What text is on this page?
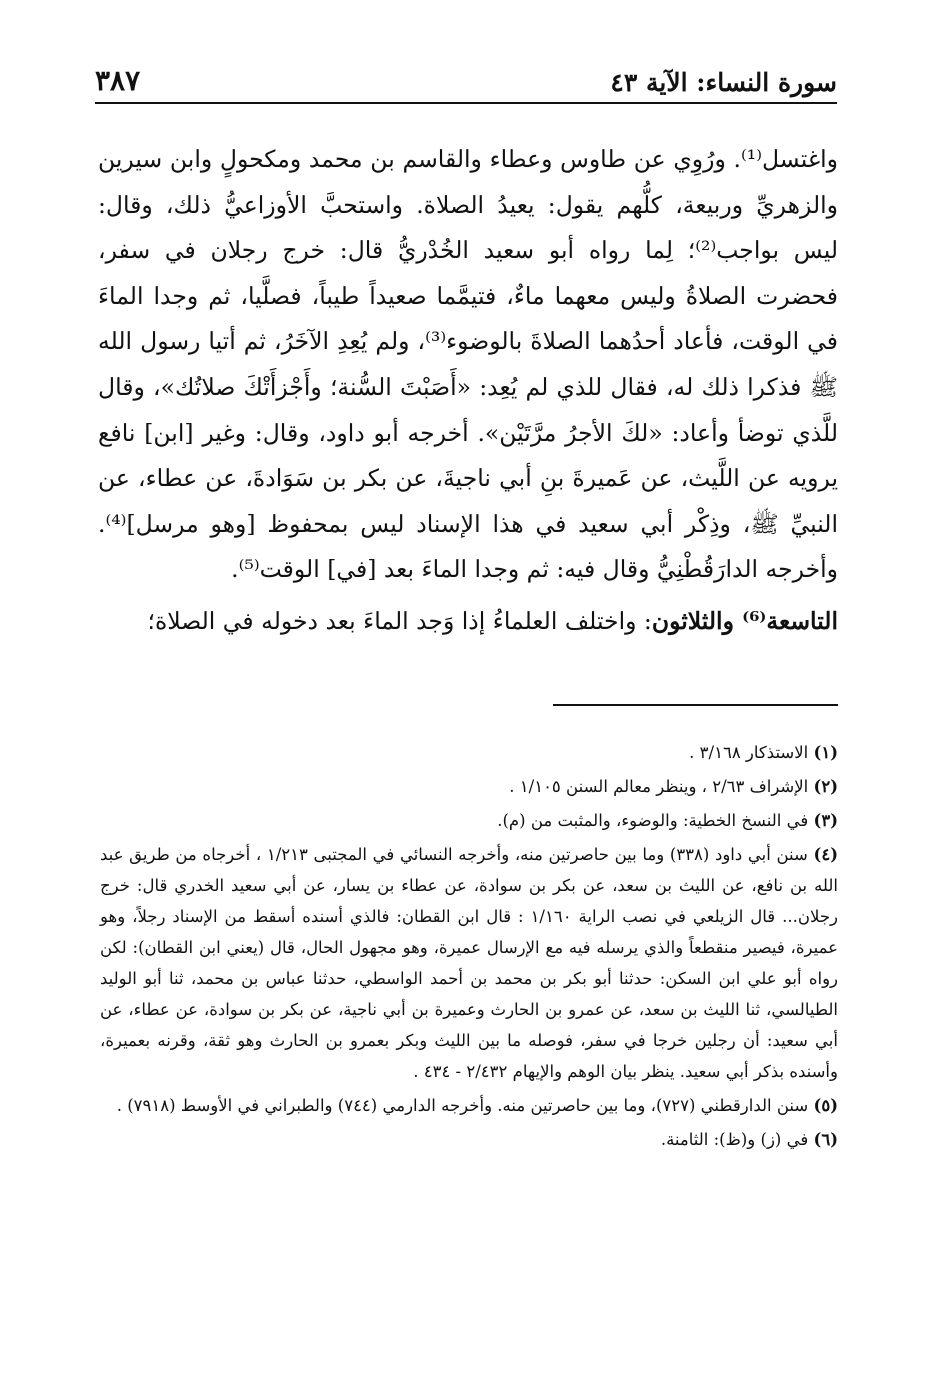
سورة النساء: الآية ٤٣
٣٨٧

واغتسل⁽¹⁾. ورُوِي عن طاوس وعطاء والقاسم بن محمد ومكحولٍ وابن سيرين والزهريِّ وربيعة، كلُّهم يقول: يعيدُ الصلاة. واستحبَّ الأوزاعيُّ ذلك، وقال: ليس بواجب⁽²⁾؛ لِما رواه أبو سعيد الخُدْريُّ قال: خرج رجلان في سفر، فحضرت الصلاةُ وليس معهما ماءٌ، فتيمَّما صعيداً طيباً، فصلَّيا، ثم وجدا الماءَ في الوقت، فأعاد أحدُهما الصلاةَ بالوضوء⁽³⁾، ولم يُعِدِ الآخَرُ، ثم أتيا رسول الله ﷺ فذكرا ذلك له، فقال للذي لم يُعِد: «أَصَبْتَ السُّنة؛ وأَجْزأَتْكَ صلاتُك»، وقال للَّذي توضأ وأعاد: «لكَ الأجرُ مرَّتَيْن». أخرجه أبو داود، وقال: وغير [ابن] نافع يرويه عن اللَّيث، عن عَميرةَ بنِ أبي ناجيةَ، عن بكر بن سَوَادةَ، عن عطاء، عن النبيِّ ﷺ، وذِكْر أبي سعيد في هذا الإسناد ليس بمحفوظ [وهو مرسل]⁽⁴⁾. وأخرجه الدارَقُطْنِيُّ وقال فيه: ثم وجدا الماءَ بعد [في] الوقت⁽⁵⁾.

التاسعة⁽⁶⁾ والثلاثون: واختلف العلماءُ إذا وَجد الماءَ بعد دخوله في الصلاة؛

(١) الاستذكار ٣/١٦٨ .

(٢) الإشراف ٢/٦٣ ، وينظر معالم السنن ١/١٠٥ .

(٣) في النسخ الخطية: والوضوء، والمثبت من (م).

(٤) سنن أبي داود (٣٣٨) وما بين حاصرتين منه، وأخرجه النسائي في المجتبى ١/٢١٣ ، أخرجاه من طريق عبد الله بن نافع، عن الليث بن سعد، عن بكر بن سوادة، عن عطاء بن يسار، عن أبي سعيد الخدري قال: خرج رجلان... قال الزيلعي في نصب الراية ١/١٦٠ : قال ابن القطان: فالذي أسنده أسقط من الإسناد رجلاً، وهو عميرة، فيصير منقطعاً والذي يرسله فيه مع الإرسال عميرة، وهو مجهول الحال، قال (يعني ابن القطان): لكن رواه أبو علي ابن السكن: حدثنا أبو بكر بن محمد بن أحمد الواسطي، حدثنا عباس بن محمد، ثنا أبو الوليد الطيالسي، ثنا الليث بن سعد، عن عمرو بن الحارث وعميرة بن أبي ناجية، عن بكر بن سوادة، عن عطاء، عن أبي سعيد: أن رجلين خرجا في سفر، فوصله ما بين الليث وبكر بعمرو بن الحارث وهو ثقة، وقرنه بعميرة، وأسنده بذكر أبي سعيد. ينظر بيان الوهم والإيهام ٢/٤٣٢ - ٤٣٤ .

(٥) سنن الدارقطني (٧٢٧)، وما بين حاصرتين منه. وأخرجه الدارمي (٧٤٤) والطبراني في الأوسط (٧٩١٨) .

(٦) في (ز) و(ظ): الثامنة.
